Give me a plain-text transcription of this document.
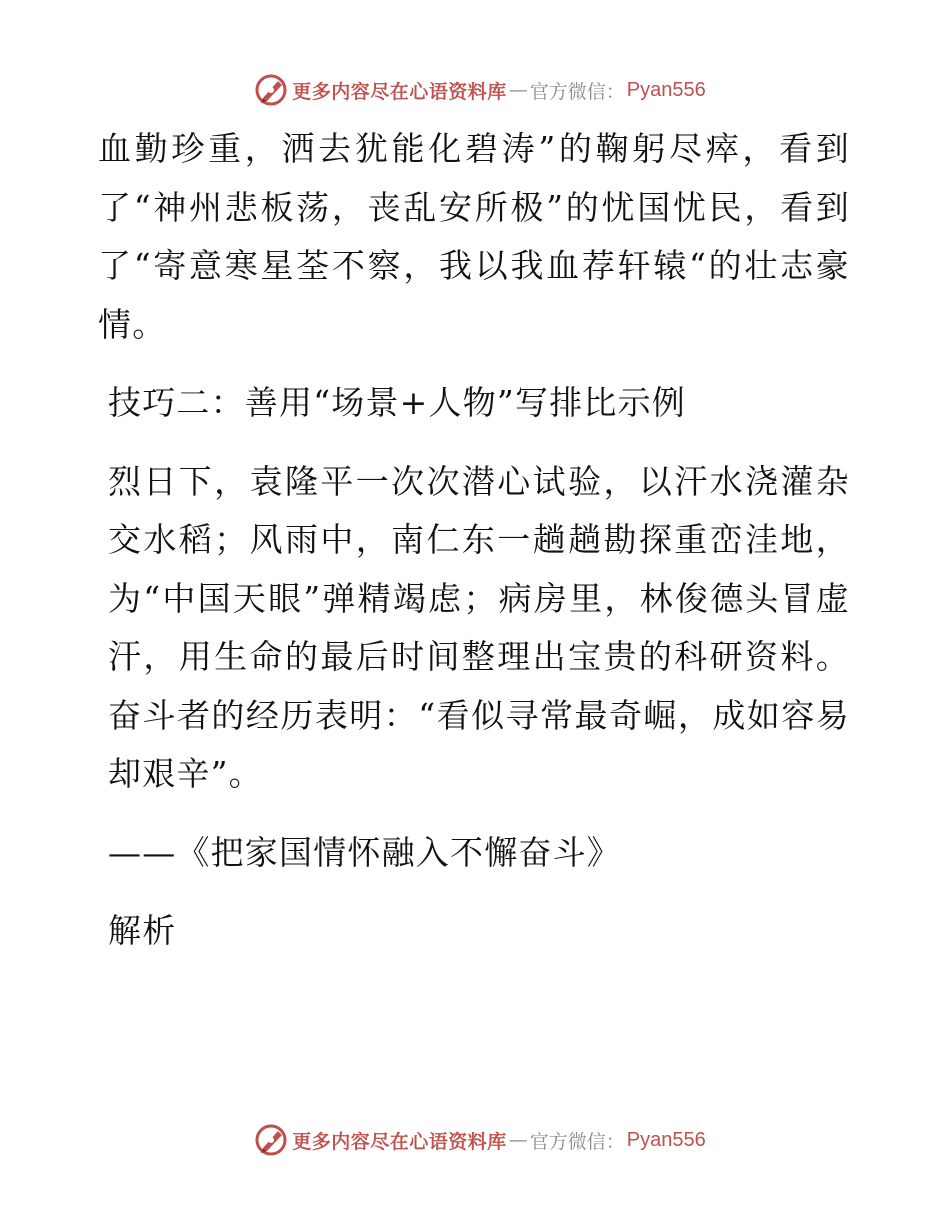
更多内容尽在心语资料库 — 官方微信： Pyan556

血勤珍重，洒去犹能化碧涛”的鞠躬尽瘁，看到了“神州悲板荡，丧乱安所极”的忧国忧民，看到了“寄意寒星荃不察，我以我血荐轩辕“的壮志豪情。

技巧二：善用“场景+人物”写排比示例

烈日下，袁隆平一次次潜心试验，以汗水浇灌杂交水稻；风雨中，南仁东一趟趟勘探重峦洼地，为“中国天眼”弹精竭虑；病房里，林俊德头冒虚汗，用生命的最后时间整理出宝贵的科研资料。奋斗者的经历表明：“看似寻常最奇崛，成如容易却艰辛”。

——《把家国情怀融入不懈奋斗》

解析

更多内容尽在心语资料库 — 官方微信： Pyan556
